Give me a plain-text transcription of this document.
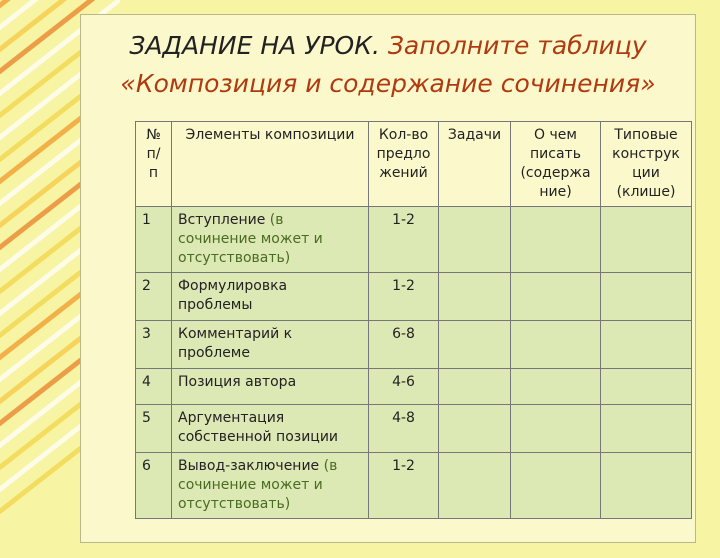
ЗАДАНИЕ НА УРОК. Заполните таблицу
«Композиция и содержание сочинения»
№ п/п	Элементы композиции	Кол-во предло жений	Задачи	О чем писать (содержа ние)	Типовые конструк ции (клише)
1	Вступление (в сочинение может и отсутствовать)	1-2			
2	Формулировка проблемы	1-2			
3	Комментарий к проблеме	6-8			
4	Позиция автора	4-6			
5	Аргументация собственной позиции	4-8			
6	Вывод-заключение (в сочинение может и отсутствовать)	1-2			
